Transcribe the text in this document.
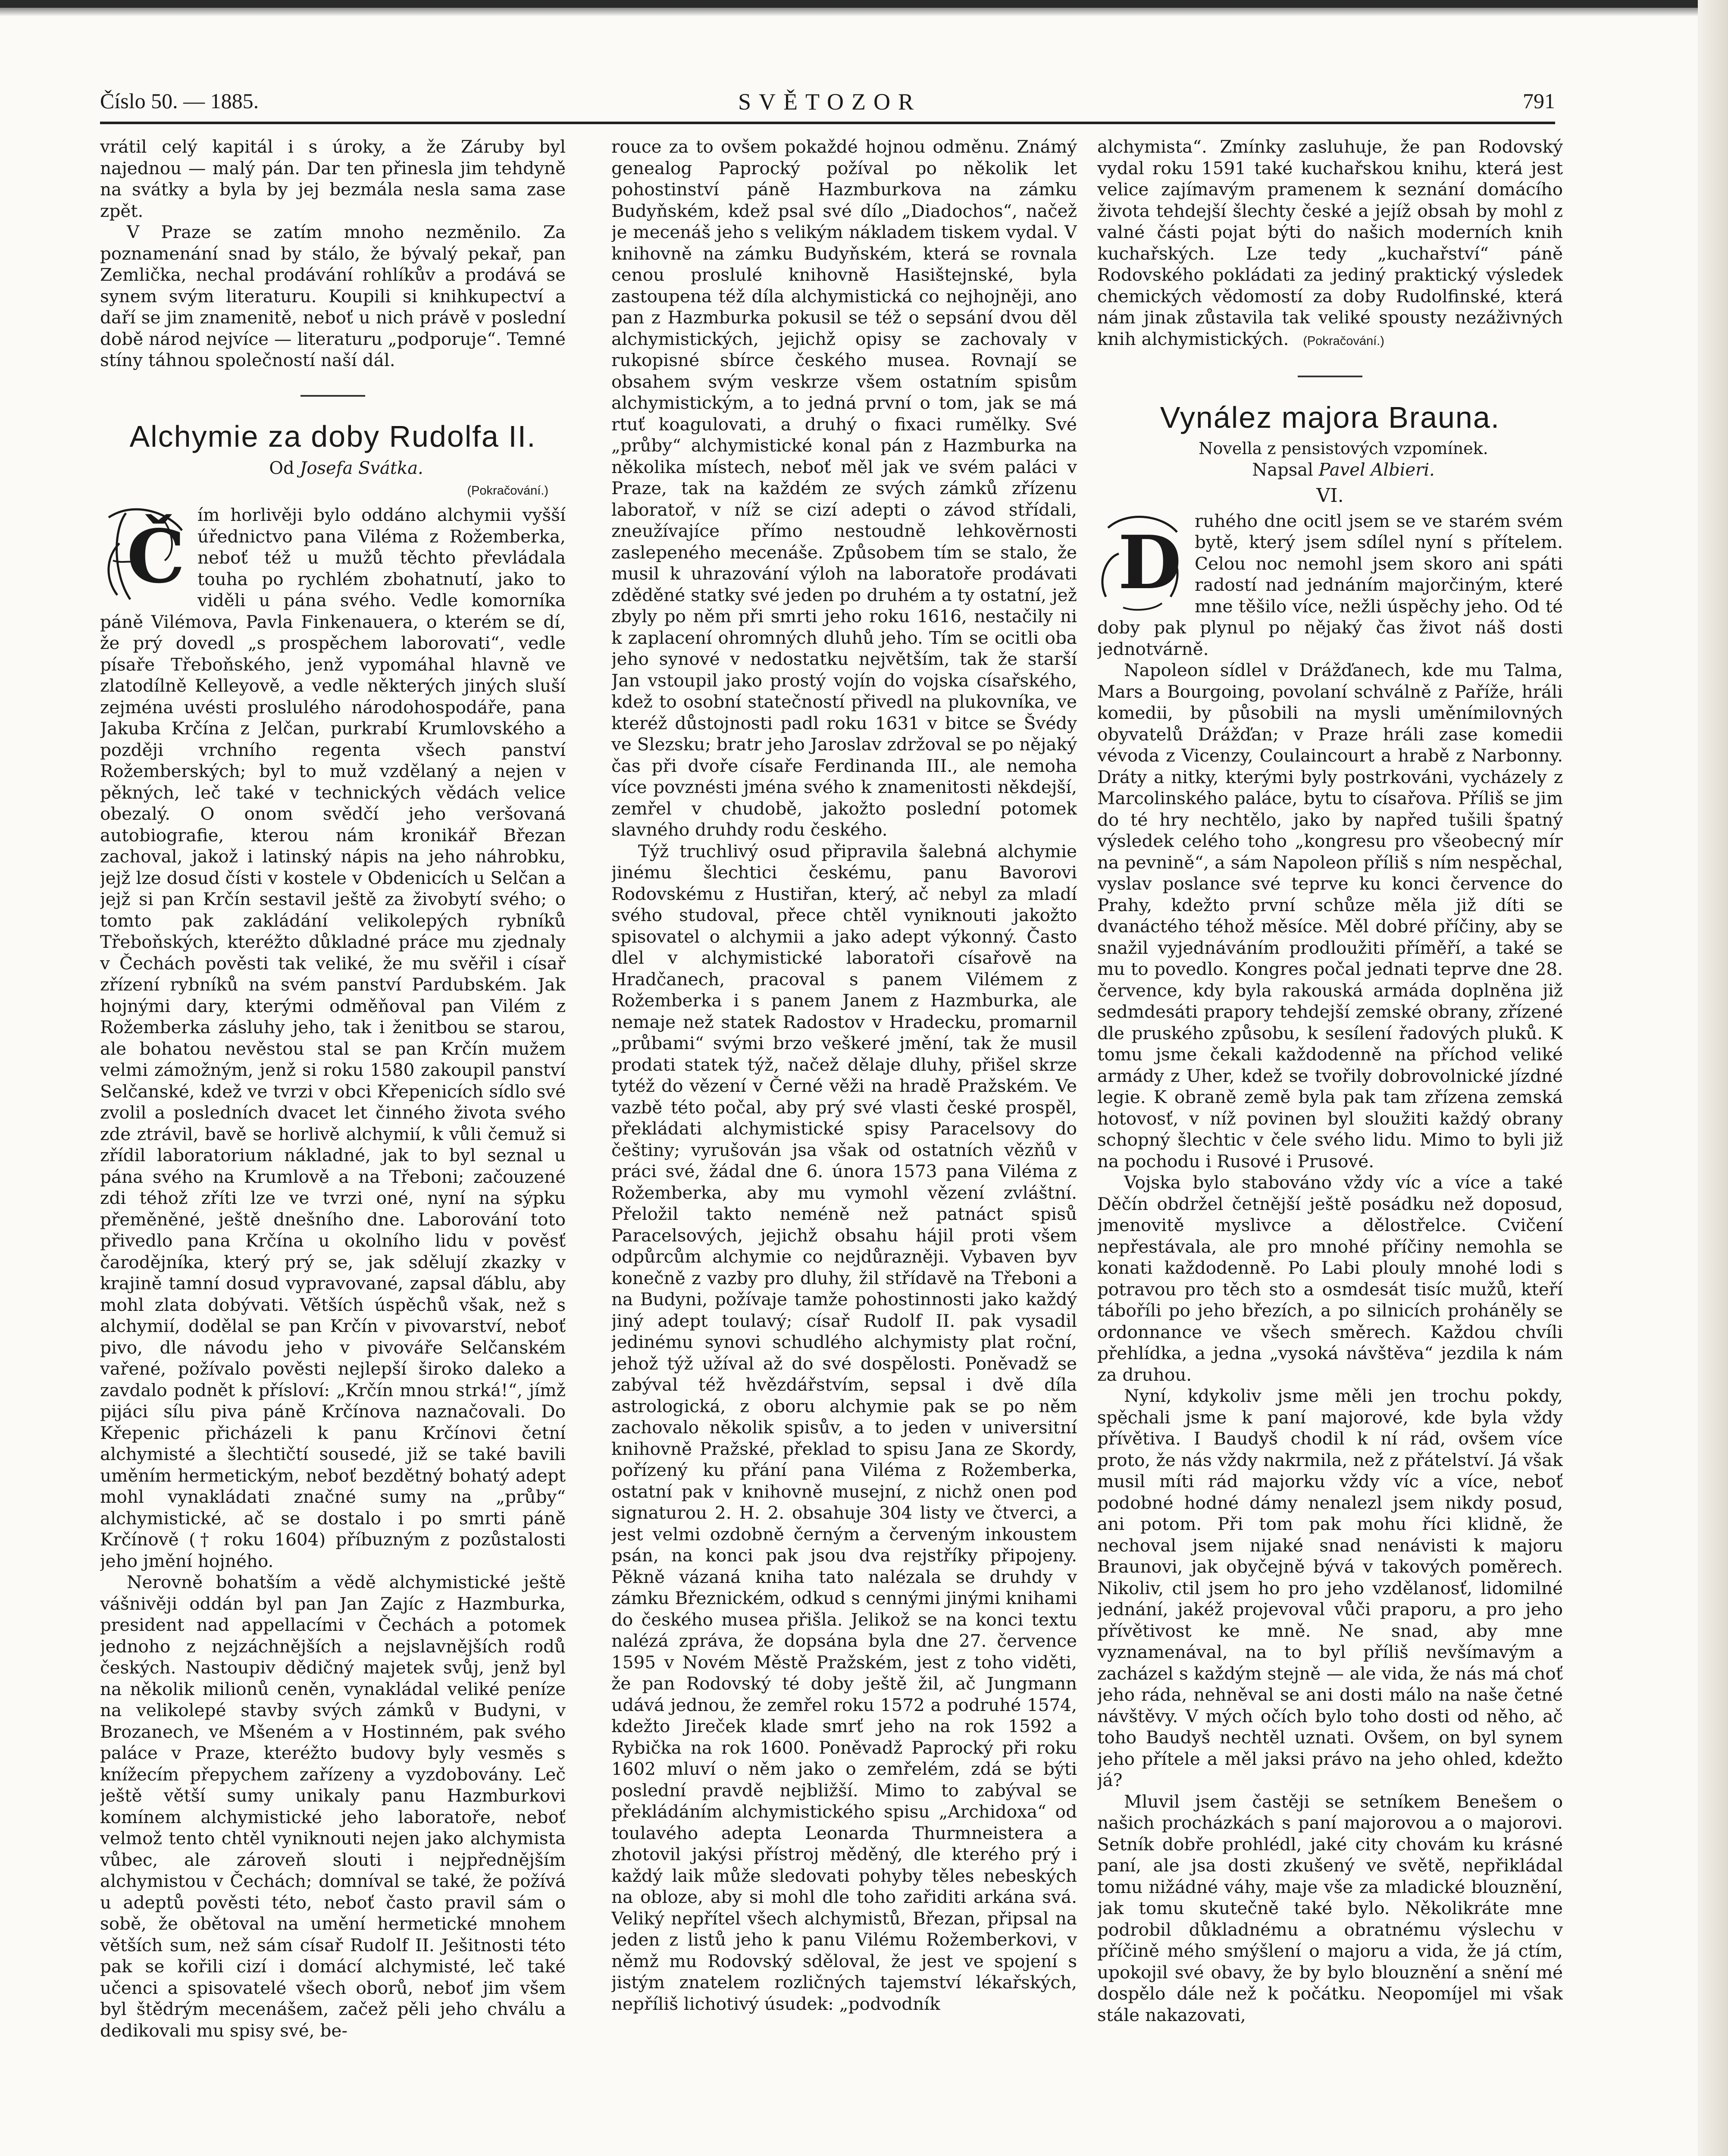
Číslo 50. — 1885.	SVĚTOZOR	791

vrátil celý kapitál i s úroky, a že Záruby byl najednou — malý pán. Dar ten přinesla jim tehdyně na svátky a byla by jej bezmála nesla sama zase zpět.

V Praze se zatím mnoho nezměnilo. Za poznamenání snad by stálo, že bývalý pekař, pan Zemlička, nechal prodávání rohlíkův a prodává se synem svým literaturu. Koupili si knihkupectví a daří se jim znamenitě, neboť u nich právě v poslední době národ nejvíce — literaturu „podporuje“. Temné stíny táhnou společností naší dál.

Alchymie za doby Rudolfa II.

Od Josefa Svátka.

(Pokračování.)

Č ím horlivěji bylo oddáno alchymii vyšší úřednictvo pana Viléma z Rožemberka, neboť též u mužů těchto převládala touha po rychlém zbohatnutí, jako to viděli u pána svého. Vedle komorníka páně Vilémova, Pavla Finkenauera, o kterém se dí, že prý dovedl „s prospěchem laborovati“, vedle písaře Třeboňského, jenž vypomáhal hlavně ve zlatodílně Kelleyově, a vedle některých jiných sluší zejména uvésti proslulého národohospodáře, pana Jakuba Krčína z Jelčan, purkrabí Krumlovského a později vrchního regenta všech panství Rožemberských; byl to muž vzdělaný a nejen v pěkných, leč také v technických vědách velice obezalý. O onom svědčí jeho veršovaná autobiografie, kterou nám kronikář Březan zachoval, jakož i latinský nápis na jeho náhrobku, jejž lze dosud čísti v kostele v Obdenicích u Selčan a jejž si pan Krčín sestavil ještě za živobytí svého; o tomto pak zakládání velikolepých rybníků Třeboňských, kteréžto důkladné práce mu zjednaly v Čechách pověsti tak veliké, že mu svěřil i císař zřízení rybníků na svém panství Pardubském. Jak hojnými dary, kterými odměňoval pan Vilém z Rožemberka zásluhy jeho, tak i ženitbou se starou, ale bohatou nevěstou stal se pan Krčín mužem velmi zámožným, jenž si roku 1580 zakoupil panství Selčanské, kdež ve tvrzi v obci Křepenicích sídlo své zvolil a posledních dvacet let činného života svého zde ztrávil, bavě se horlivě alchymií, k vůli čemuž si zřídil laboratorium nákladné, jak to byl seznal u pána svého na Krumlově a na Třeboni; začouzené zdi téhož zříti lze ve tvrzi oné, nyní na sýpku přeměněné, ještě dnešního dne. Laborování toto přivedlo pana Krčína u okolního lidu v pověsť čarodějníka, který prý se, jak sdělují zkazky v krajině tamní dosud vypravované, zapsal ďáblu, aby mohl zlata dobývati. Větších úspěchů však, než s alchymií, dodělal se pan Krčín v pivovarství, neboť pivo, dle návodu jeho v pivováře Selčanském vařené, požívalo pověsti nejlepší široko daleko a zavdalo podnět k přísloví: „Krčín mnou strká!“, jímž pijáci sílu piva páně Krčínova naznačovali. Do Křepenic přicházeli k panu Krčínovi četní alchymisté a šlechtičtí sousedé, již se také bavili uměním hermetickým, neboť bezdětný bohatý adept mohl vynakládati značné sumy na „průby“ alchymistické, ač se dostalo i po smrti páně Krčínově († roku 1604) příbuzným z pozůstalosti jeho jmění hojného.

Nerovně bohatším a vědě alchymistické ještě vášnivěji oddán byl pan Jan Zajíc z Hazmburka, president nad appellacími v Čechách a potomek jednoho z nejzáchnějších a nejslavnějších rodů českých. Nastoupiv dědičný majetek svůj, jenž byl na několik milionů ceněn, vynakládal veliké peníze na velikolepé stavby svých zámků v Budyni, v Brozanech, ve Mšeném a v Hostinném, pak svého paláce v Praze, kteréžto budovy byly vesměs s knížecím přepychem zařízeny a vyzdobovány. Leč ještě větší sumy unikaly panu Hazmburkovi komínem alchymistické jeho laboratoře, neboť velmož tento chtěl vyniknouti nejen jako alchymista vůbec, ale zároveň slouti i nejpřednějším alchymistou v Čechách; domníval se také, že požívá u adeptů pověsti této, neboť často pravil sám o sobě, že obětoval na umění hermetické mnohem větších sum, než sám císař Rudolf II. Ješitnosti této pak se kořili cizí i domácí alchymisté, leč také učenci a spisovatelé všech oborů, neboť jim všem byl štědrým mecenášem, začež pěli jeho chválu a dedikovali mu spisy své, be-

rouce za to ovšem pokaždé hojnou odměnu. Známý genealog Paprocký požíval po několik let pohostinství páně Hazmburkova na zámku Budyňském, kdež psal své dílo „Diadochos“, načež je mecenáš jeho s velikým nákladem tiskem vydal. V knihovně na zámku Budyňském, která se rovnala cenou proslulé knihovně Hasištejnské, byla zastoupena též díla alchymistická co nejhojněji, ano pan z Hazmburka pokusil se též o sepsání dvou děl alchymistických, jejichž opisy se zachovaly v rukopisné sbírce českého musea. Rovnají se obsahem svým veskrze všem ostatním spisům alchymistickým, a to jedná první o tom, jak se má rtuť koagulovati, a druhý o fixaci rumělky. Své „průby“ alchymistické konal pán z Hazmburka na několika místech, neboť měl jak ve svém paláci v Praze, tak na každém ze svých zámků zřízenu laboratoř, v níž se cizí adepti o závod střídali, zneužívajíce přímo nestoudně lehkověrnosti zaslepeného mecenáše. Způsobem tím se stalo, že musil k uhrazování výloh na laboratoře prodávati zděděné statky své jeden po druhém a ty ostatní, jež zbyly po něm při smrti jeho roku 1616, nestačily ni k zaplacení ohromných dluhů jeho. Tím se ocitli oba jeho synové v nedostatku největším, tak že starší Jan vstoupil jako prostý vojín do vojska císařského, kdež to osobní statečností přivedl na plukovníka, ve kteréž důstojnosti padl roku 1631 v bitce se Švédy ve Slezsku; bratr jeho Jaroslav zdržoval se po nějaký čas při dvoře císaře Ferdinanda III., ale nemoha více povznésti jména svého k znamenitosti někdejší, zemřel v chudobě, jakožto poslední potomek slavného druhdy rodu českého.

Týž truchlivý osud připravila šalebná alchymie jinému šlechtici českému, panu Bavorovi Rodovskému z Hustiřan, který, ač nebyl za mladí svého studoval, přece chtěl vyniknouti jakožto spisovatel o alchymii a jako adept výkonný. Často dlel v alchymistické laboratoři císařově na Hradčanech, pracoval s panem Vilémem z Rožemberka i s panem Janem z Hazmburka, ale nemaje než statek Radostov v Hradecku, promarnil „průbami“ svými brzo veškeré jmění, tak že musil prodati statek týž, načež dělaje dluhy, přišel skrze tytéž do vězení v Černé věži na hradě Pražském. Ve vazbě této počal, aby prý své vlasti české prospěl, překládati alchymistické spisy Paracelsovy do češtiny; vyrušován jsa však od ostatních vězňů v práci své, žádal dne 6. února 1573 pana Viléma z Rožemberka, aby mu vymohl vězení zvláštní. Přeložil takto neméně než patnáct spisů Paracelsových, jejichž obsahu hájil proti všem odpůrcům alchymie co nejdůrazněji. Vybaven byv konečně z vazby pro dluhy, žil střídavě na Třeboni a na Budyni, požívaje tamže pohostinnosti jako každý jiný adept toulavý; císař Rudolf II. pak vysadil jedinému synovi schudlého alchymisty plat roční, jehož týž užíval až do své dospělosti. Poněvadž se zabýval též hvězdářstvím, sepsal i dvě díla astrologická, z oboru alchymie pak se po něm zachovalo několik spisův, a to jeden v universitní knihovně Pražské, překlad to spisu Jana ze Skordy, pořízený ku přání pana Viléma z Rožemberka, ostatní pak v knihovně musejní, z nichž onen pod signaturou 2. H. 2. obsahuje 304 listy ve čtverci, a jest velmi ozdobně černým a červeným inkoustem psán, na konci pak jsou dva rejstříky připojeny. Pěkně vázaná kniha tato nalézala se druhdy v zámku Březnickém, odkud s cennými jinými knihami do českého musea přišla. Jelikož se na konci textu nalézá zpráva, že dopsána byla dne 27. července 1595 v Novém Městě Pražském, jest z toho viděti, že pan Rodovský té doby ještě žil, ač Jungmann udává jednou, že zemřel roku 1572 a podruhé 1574, kdežto Jireček klade smrť jeho na rok 1592 a Rybička na rok 1600. Poněvadž Paprocký při roku 1602 mluví o něm jako o zemřelém, zdá se býti poslední pravdě nejbližší. Mimo to zabýval se překládáním alchymistického spisu „Archidoxa“ od toulavého adepta Leonarda Thurmneistera a zhotovil jakýsi přístroj měděný, dle kterého prý i každý laik může sledovati pohyby těles nebeských na obloze, aby si mohl dle toho zařiditi arkána svá. Veliký nepřítel všech alchymistů, Březan, připsal na jeden z listů jeho k panu Vilému Rožemberkovi, v němž mu Rodovský sděloval, že jest ve spojení s jistým znatelem rozličných tajemství lékařských, nepříliš lichotivý úsudek: „podvodník

alchymista“. Zmínky zasluhuje, že pan Rodovský vydal roku 1591 také kuchařskou knihu, která jest velice zajímavým pramenem k seznání domácího života tehdejší šlechty české a jejíž obsah by mohl z valné části pojat býti do našich moderních knih kuchařských. Lze tedy „kuchařství“ páně Rodovského pokládati za jediný praktický výsledek chemických vědomostí za doby Rudolfinské, která nám jinak zůstavila tak veliké spousty nezáživných knih alchymistických. (Pokračování.)

Vynález majora Brauna.

Novella z pensistových vzpomínek.

Napsal Pavel Albieri.

VI.

D ruhého dne ocitl jsem se ve starém svém bytě, který jsem sdílel nyní s přítelem. Celou noc nemohl jsem skoro ani spáti radostí nad jednáním majorčiným, které mne těšilo více, nežli úspěchy jeho. Od té doby pak plynul po nějaký čas život náš dosti jednotvárně.

Napoleon sídlel v Drážďanech, kde mu Talma, Mars a Bourgoing, povolaní schválně z Paříže, hráli komedii, by působili na mysli uměnímilovných obyvatelů Drážďan; v Praze hráli zase komedii vévoda z Vicenzy, Coulaincourt a hrabě z Narbonny. Dráty a nitky, kterými byly postrkováni, vycházely z Marcolinského paláce, bytu to císařova. Příliš se jim do té hry nechtělo, jako by napřed tušili špatný výsledek celého toho „kongresu pro všeobecný mír na pevnině“, a sám Napoleon příliš s ním nespěchal, vyslav poslance své teprve ku konci července do Prahy, kdežto první schůze měla již díti se dvanáctého téhož měsíce. Měl dobré příčiny, aby se snažil vyjednáváním prodloužiti příměří, a také se mu to povedlo. Kongres počal jednati teprve dne 28. července, kdy byla rakouská armáda doplněna již sedmdesáti prapory tehdejší zemské obrany, zřízené dle pruského způsobu, k sesílení řadových pluků. K tomu jsme čekali každodenně na příchod veliké armády z Uher, kdež se tvořily dobrovolnické jízdné legie. K obraně země byla pak tam zřízena zemská hotovosť, v níž povinen byl sloužiti každý obrany schopný šlechtic v čele svého lidu. Mimo to byli již na pochodu i Rusové i Prusové.

Vojska bylo stabováno vždy víc a více a také Děčín obdržel četnější ještě posádku než doposud, jmenovitě myslivce a dělostřelce. Cvičení nepřestávala, ale pro mnohé příčiny nemohla se konati každodenně. Po Labi plouly mnohé lodi s potravou pro těch sto a osmdesát tisíc mužů, kteří táboříli po jeho březích, a po silnicích proháněly se ordonnance ve všech směrech. Každou chvíli přehlídka, a jedna „vysoká návštěva“ jezdila k nám za druhou.

Nyní, kdykoliv jsme měli jen trochu pokdy, spěchali jsme k paní majorové, kde byla vždy přívětiva. I Baudyš chodil k ní rád, ovšem více proto, že nás vždy nakrmila, než z přátelství. Já však musil míti rád majorku vždy víc a více, neboť podobné hodné dámy nenalezl jsem nikdy posud, ani potom. Při tom pak mohu říci klidně, že nechoval jsem nijaké snad nenávisti k majoru Braunovi, jak obyčejně bývá v takových poměrech. Nikoliv, ctil jsem ho pro jeho vzdělanosť, lidomilné jednání, jakéž projevoval vůči praporu, a pro jeho přívětivost ke mně. Ne snad, aby mne vyznamenával, na to byl příliš nevšímavým a zacházel s každým stejně — ale vida, že nás má choť jeho ráda, nehněval se ani dosti málo na naše četné návštěvy. V mých očích bylo toho dosti od něho, ač toho Baudyš nechtěl uznati. Ovšem, on byl synem jeho přítele a měl jaksi právo na jeho ohled, kdežto já?

Mluvil jsem častěji se setníkem Benešem o našich procházkách s paní majorovou a o majorovi. Setník dobře prohlédl, jaké city chovám ku krásné paní, ale jsa dosti zkušený ve světě, nepřikládal tomu nižádné váhy, maje vše za mladické blouznění, jak tomu skutečně také bylo. Několikráte mne podrobil důkladnému a obratnému výslechu v příčině mého smýšlení o majoru a vida, že já ctím, upokojil své obavy, že by bylo blouznění a snění mé dospělo dále než k počátku. Neopomíjel mi však stále nakazovati,
